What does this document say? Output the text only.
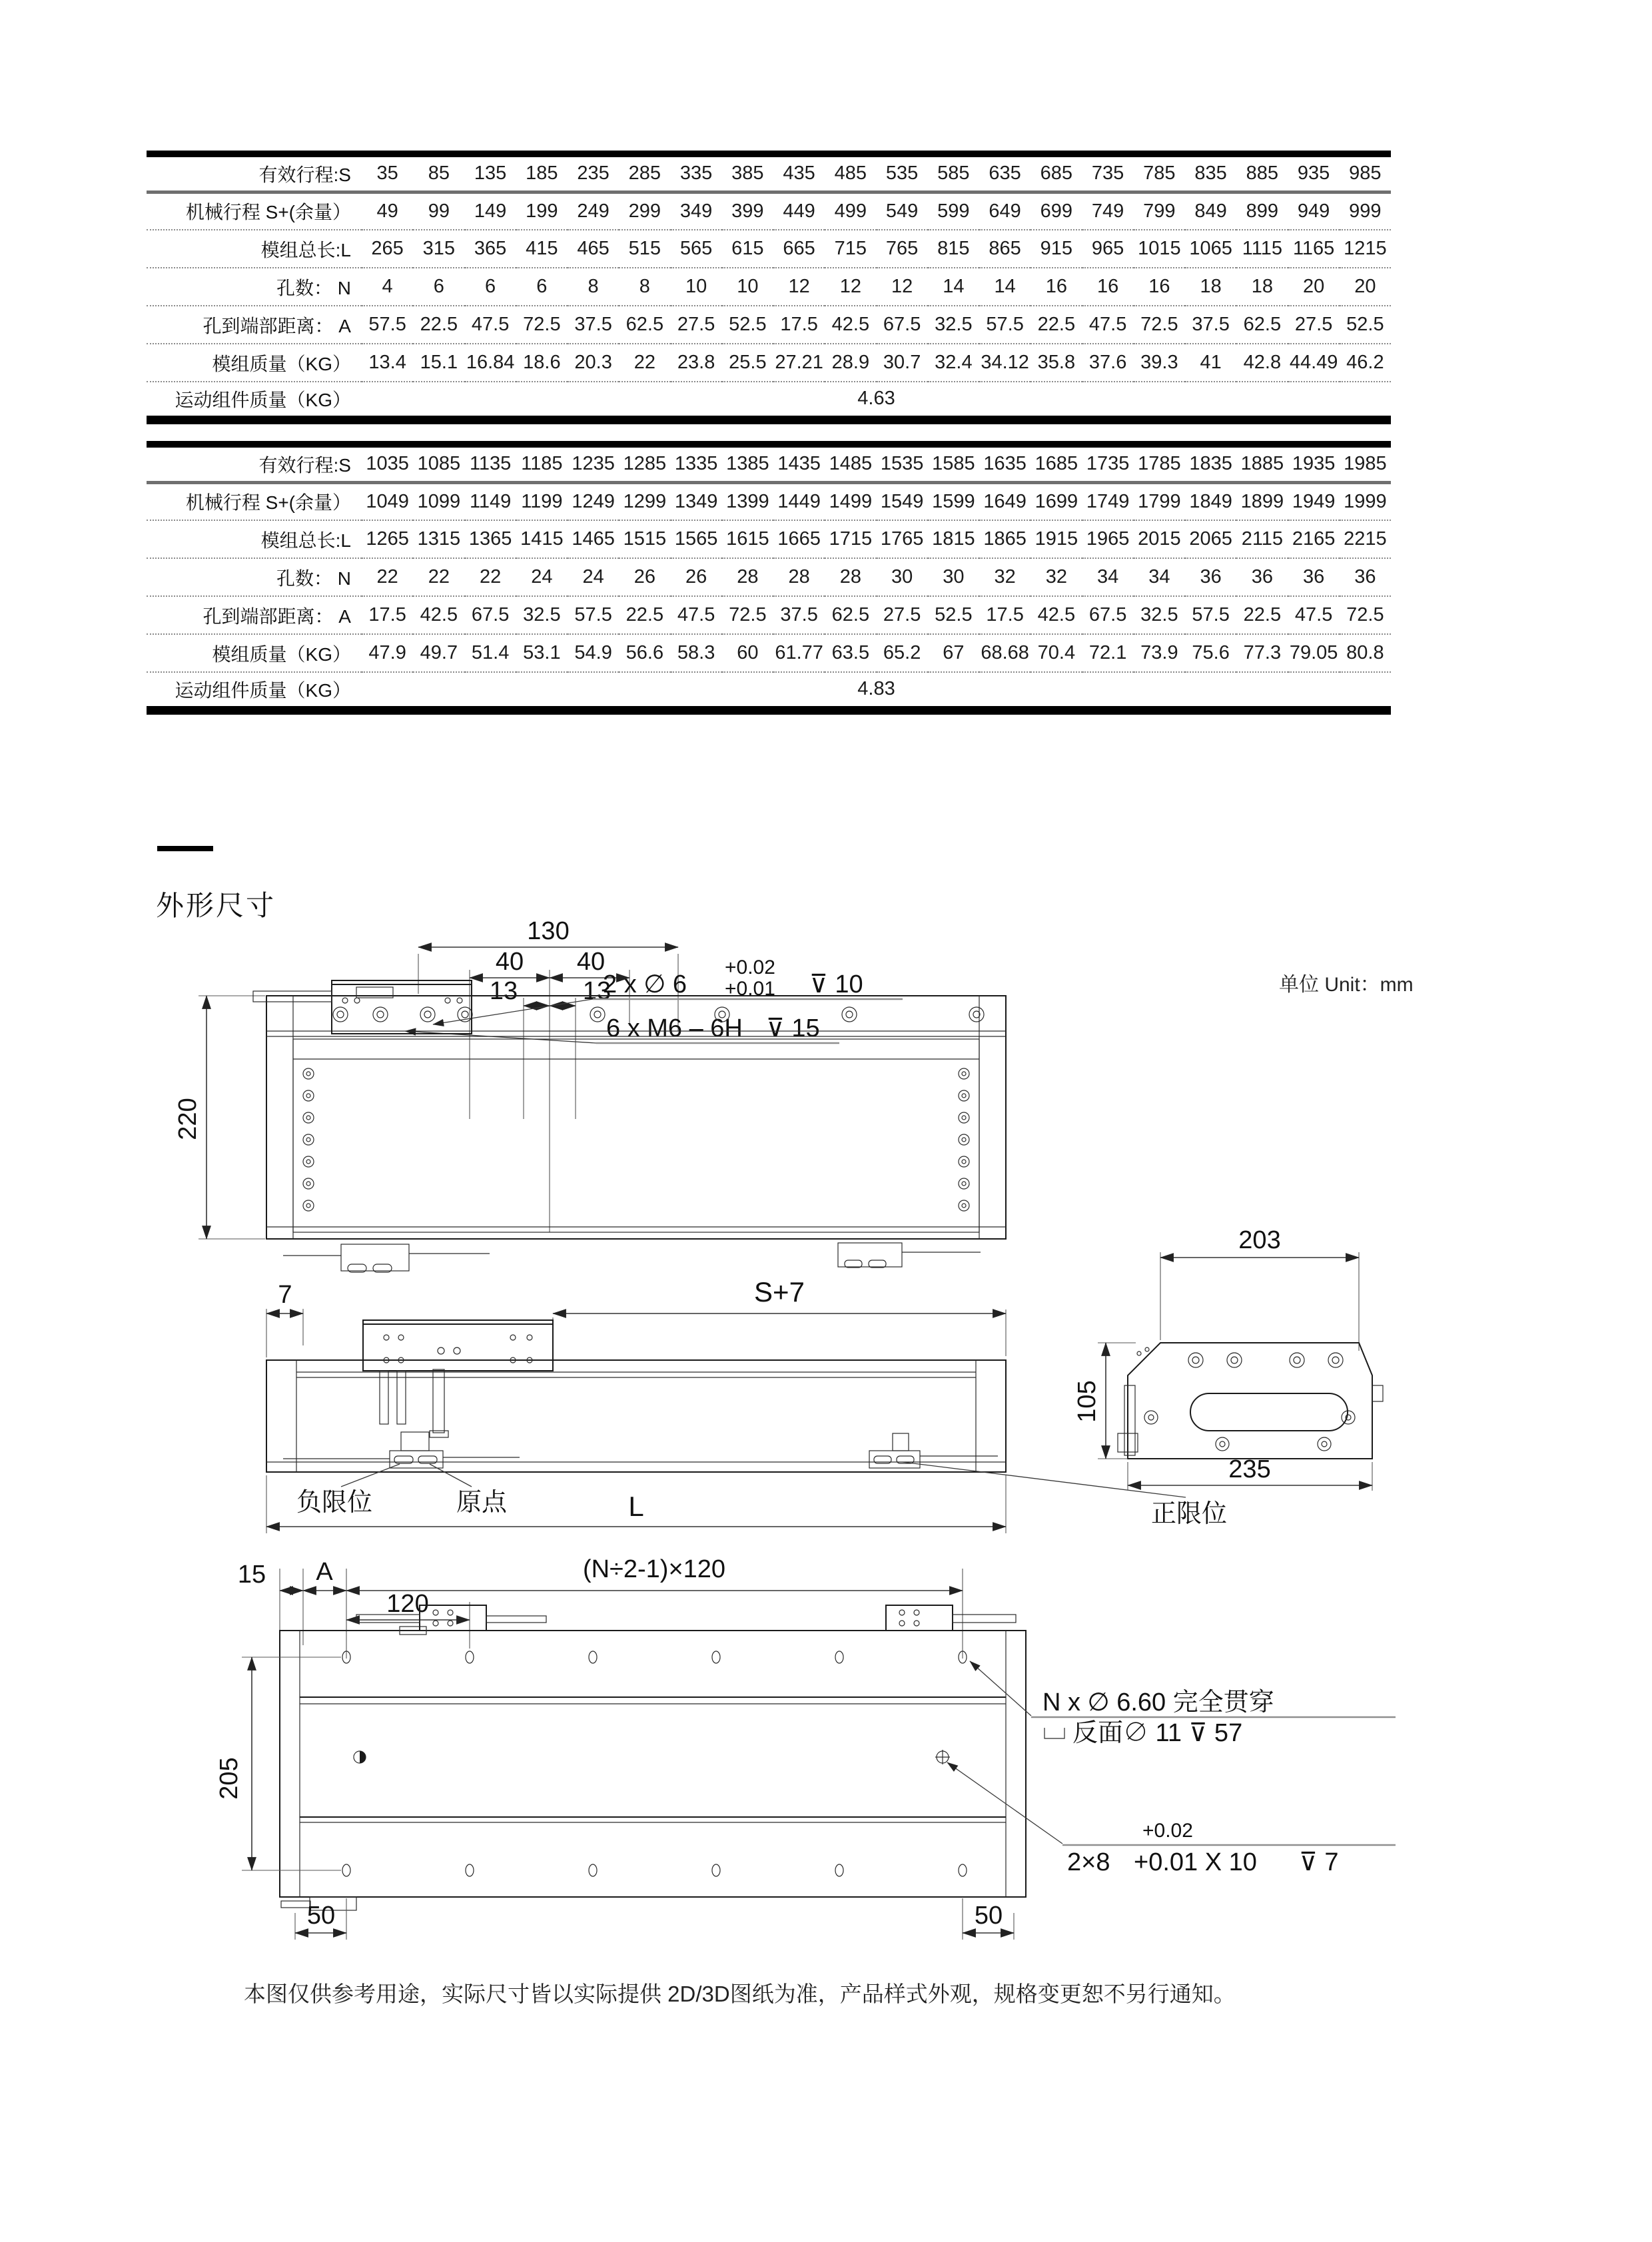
有效行程:S	35	85	135	185	235	285	335	385	435	485	535	585	635	685	735	785	835	885	935	985
机械行程 S+(余量）	49	99	149	199	249	299	349	399	449	499	549	599	649	699	749	799	849	899	949	999
模组总长:L	265	315	365	415	465	515	565	615	665	715	765	815	865	915	965	1015	1065	1115	1165	1215
孔数： N	4	6	6	6	8	8	10	10	12	12	12	14	14	16	16	16	18	18	20	20
孔到端部距离： A	57.5	22.5	47.5	72.5	37.5	62.5	27.5	52.5	17.5	42.5	67.5	32.5	57.5	22.5	47.5	72.5	37.5	62.5	27.5	52.5
模组质量（KG）	13.4	15.1	16.84	18.6	20.3	22	23.8	25.5	27.21	28.9	30.7	32.4	34.12	35.8	37.6	39.3	41	42.8	44.49	46.2
运动组件质量（KG）	4.63																			
有效行程:S	1035	1085	1135	1185	1235	1285	1335	1385	1435	1485	1535	1585	1635	1685	1735	1785	1835	1885	1935	1985
机械行程 S+(余量）	1049	1099	1149	1199	1249	1299	1349	1399	1449	1499	1549	1599	1649	1699	1749	1799	1849	1899	1949	1999
模组总长:L	1265	1315	1365	1415	1465	1515	1565	1615	1665	1715	1765	1815	1865	1915	1965	2015	2065	2115	2165	2215
孔数： N	22	22	22	24	24	26	26	28	28	28	30	30	32	32	34	34	36	36	36	36
孔到端部距离： A	17.5	42.5	67.5	32.5	57.5	22.5	47.5	72.5	37.5	62.5	27.5	52.5	17.5	42.5	67.5	32.5	57.5	22.5	47.5	72.5
模组质量（KG）	47.9	49.7	51.4	53.1	54.9	56.6	58.3	60	61.77	63.5	65.2	67	68.68	70.4	72.1	73.9	75.6	77.3	79.05	80.8
运动组件质量（KG）	4.83																			
外形尺寸
单位 Unit：mm
130
40 40
13	13
220
2 x ∅ 6
+0.02
+0.01 ⊽ 10
6 x M6 – 6H ⊽ 15
7	S+7
负限位	原点	正限位
L
203
105
235
15 A	(N÷2-1)×120
120
205
50	50
N x ∅ 6.60 完全贯穿
反面∅ 11 ⊽ 57
+0.02
2×8 +0.01 X 10 ⊽ 7

本图仅供参考用途，实际尺寸皆以实际提供 2D/3D图纸为准，产品样式外观，规格变更恕不另行通知。
